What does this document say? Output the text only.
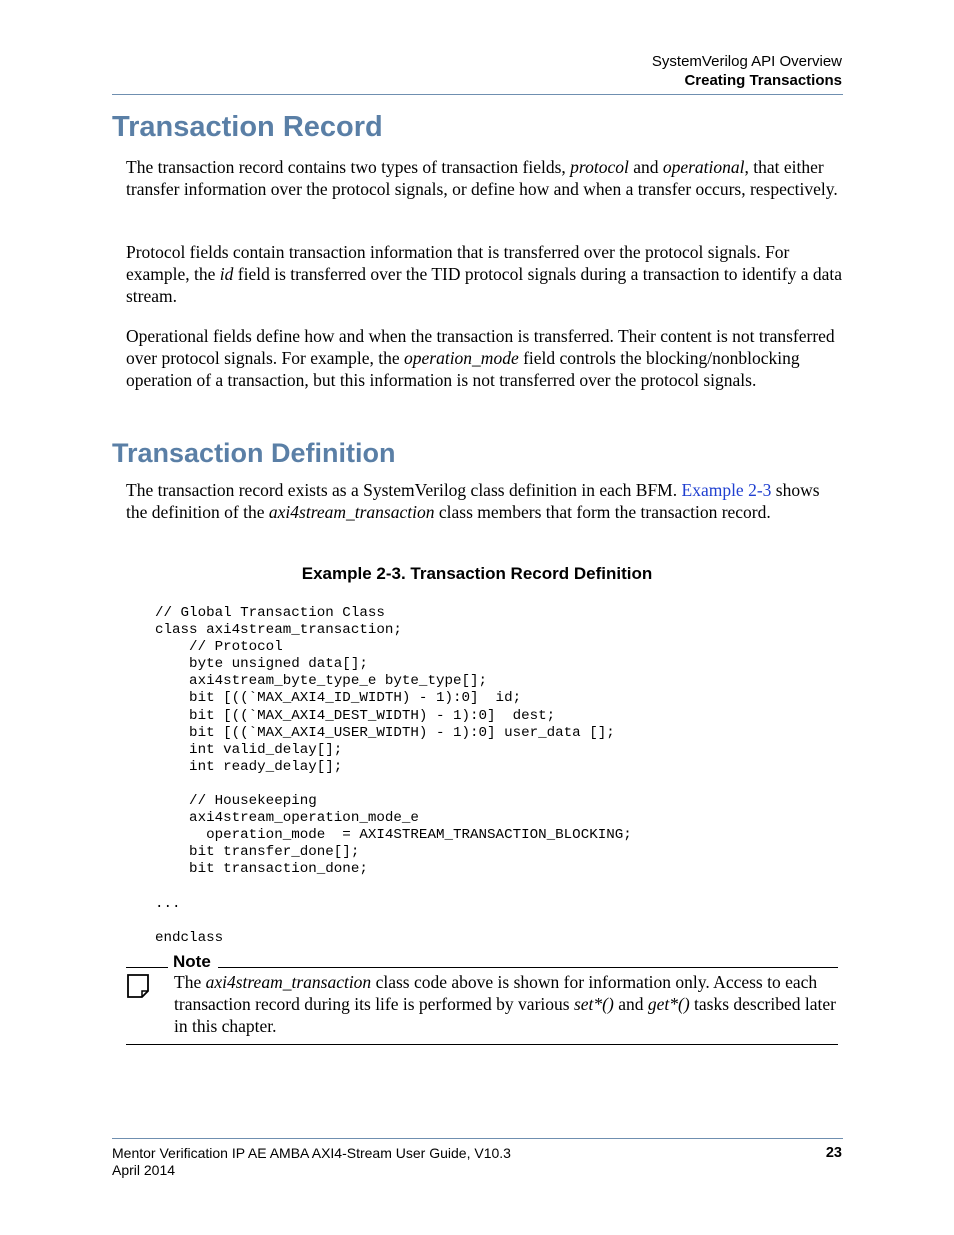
SystemVerilog API Overview
Creating Transactions
Transaction Record

The transaction record contains two types of transaction fields, protocol and operational, that either transfer information over the protocol signals, or define how and when a transfer occurs, respectively.

Protocol fields contain transaction information that is transferred over the protocol signals. For example, the id field is transferred over the TID protocol signals during a transaction to identify a data stream.

Operational fields define how and when the transaction is transferred. Their content is not transferred over protocol signals. For example, the operation_mode field controls the blocking/nonblocking operation of a transaction, but this information is not transferred over the protocol signals.

Transaction Definition

The transaction record exists as a SystemVerilog class definition in each BFM. Example 2-3 shows the definition of the axi4stream_transaction class members that form the transaction record.

Example 2-3. Transaction Record Definition
// Global Transaction Class
class axi4stream_transaction;
// Protocol
byte unsigned data[];
axi4stream_byte_type_e byte_type[];
bit [((`MAX_AXI4_ID_WIDTH) - 1):0]  id;
bit [((`MAX_AXI4_DEST_WIDTH) - 1):0]  dest;
bit [((`MAX_AXI4_USER_WIDTH) - 1):0] user_data [];
int valid_delay[];
int ready_delay[];
// Housekeeping
axi4stream_operation_mode_e
operation_mode  = AXI4STREAM_TRANSACTION_BLOCKING;
bit transfer_done[];
bit transaction_done;
...
endclass
Note

The axi4stream_transaction class code above is shown for information only. Access to each transaction record during its life is performed by various set*() and get*() tasks described later in this chapter.

Mentor Verification IP AE AMBA AXI4-Stream User Guide, V10.3
April 2014
23
